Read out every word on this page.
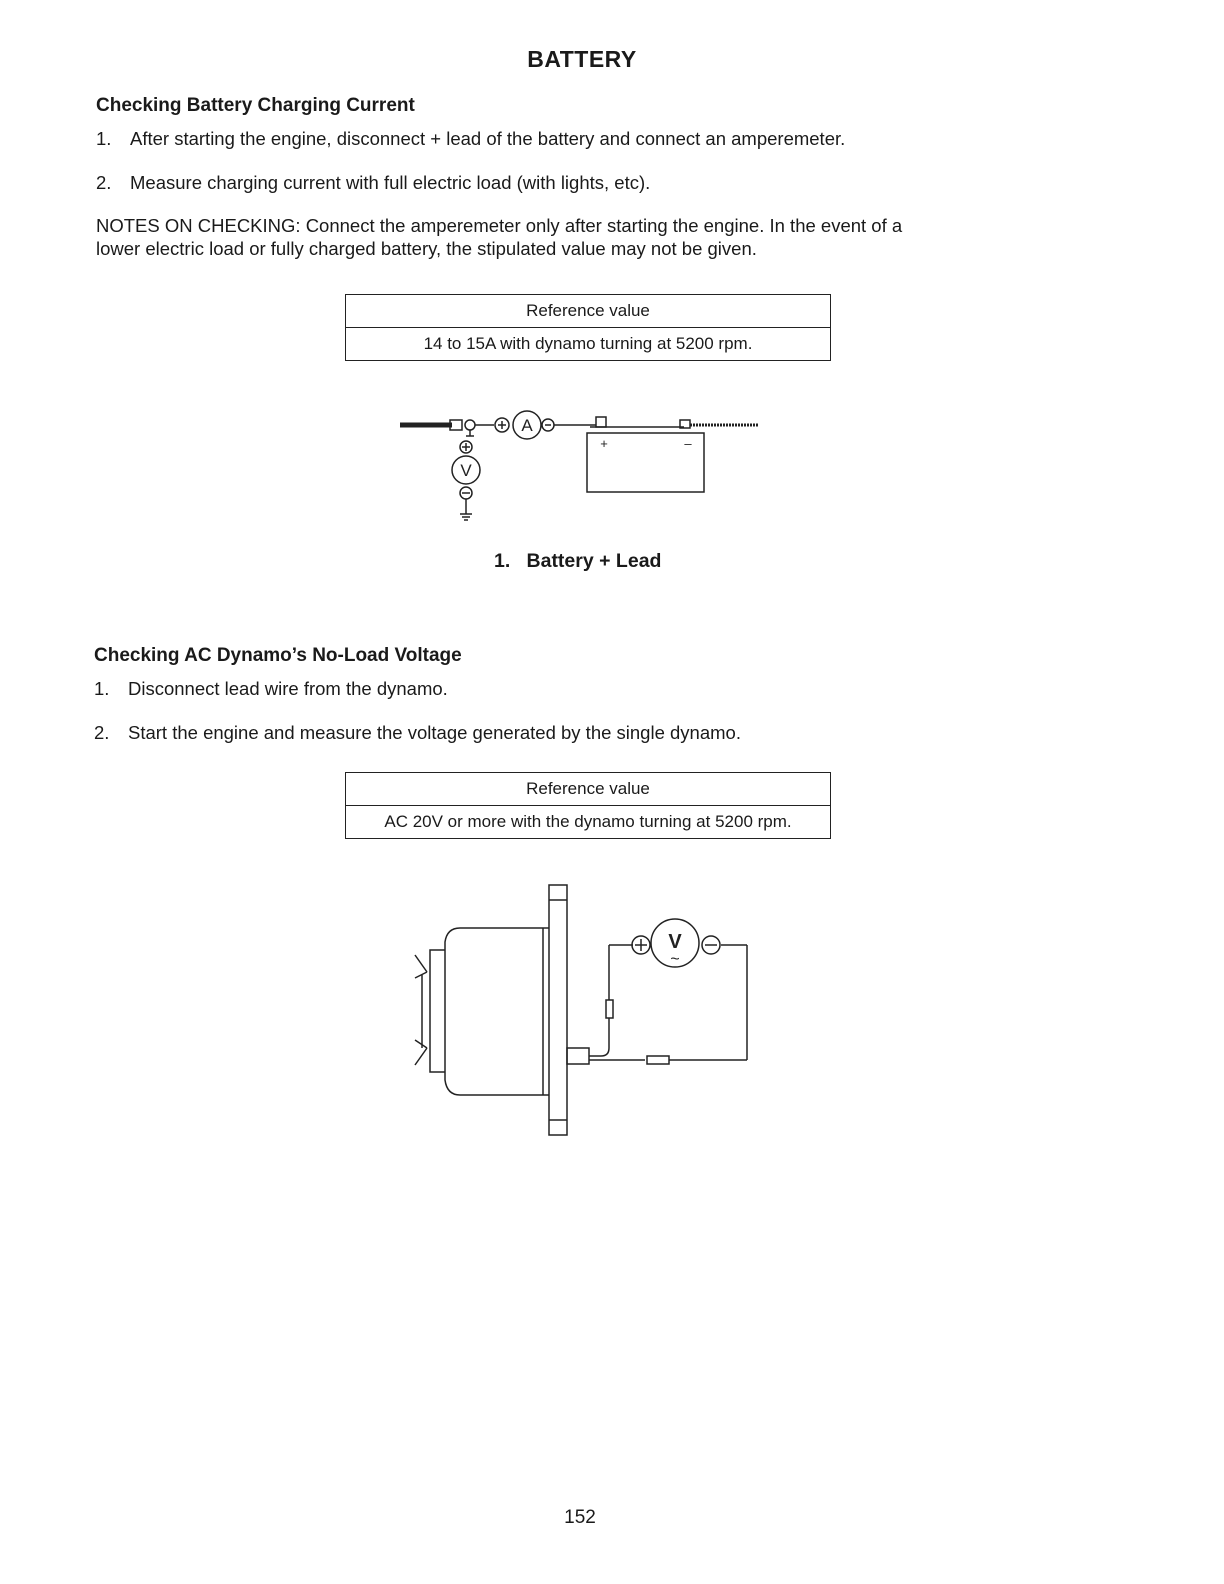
BATTERY
Checking Battery Charging Current
1. After starting the engine, disconnect + lead of the battery and connect an amperemeter.
2. Measure charging current with full electric load (with lights, etc).
NOTES ON CHECKING: Connect the amperemeter only after starting the engine. In the event of a
lower electric load or fully charged battery, the stipulated value may not be given.
Reference value
14 to 15A with dynamo turning at 5200 rpm.
A
V
+	–
1.   Battery + Lead
Checking AC Dynamo’s No-Load Voltage
1. Disconnect lead wire from the dynamo.
2. Start the engine and measure the voltage generated by the single dynamo.
Reference value
AC 20V or more with the dynamo turning at 5200 rpm.
V
~
152
